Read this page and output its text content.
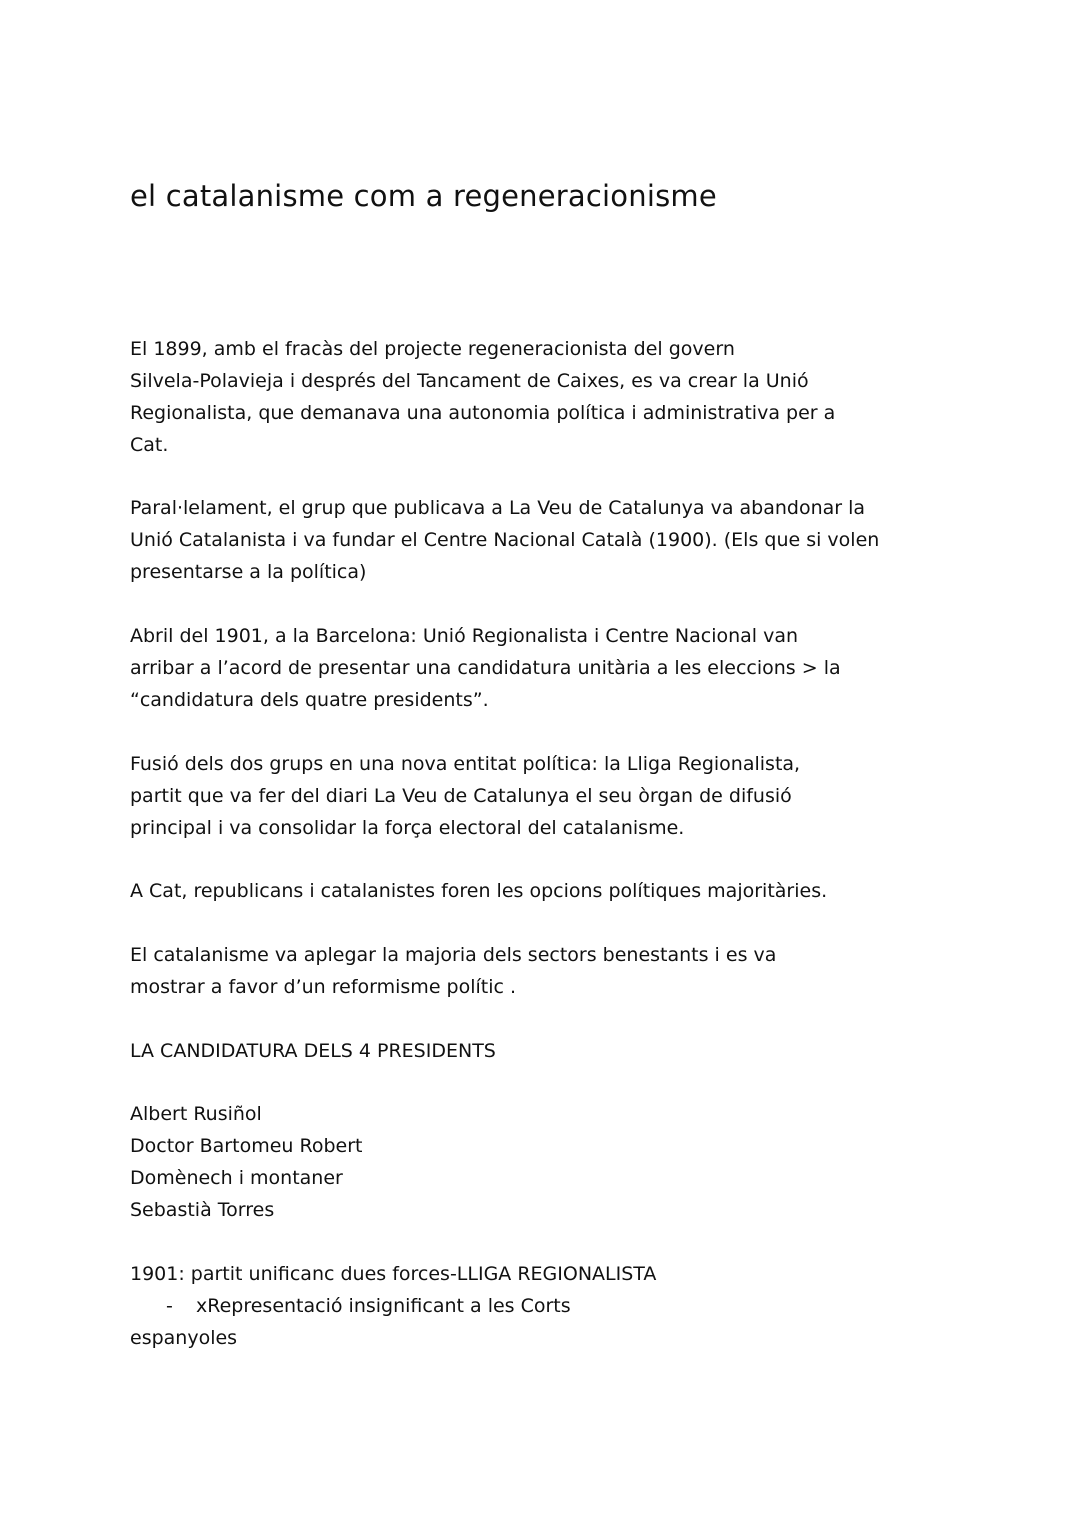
el catalanisme com a regeneracionisme

El 1899, amb el fracàs del projecte regeneracionista del govern
Silvela-Polavieja i després del Tancament de Caixes, es va crear la Unió
Regionalista, que demanava una autonomia política i administrativa per a
Cat.

Paral·lelament, el grup que publicava a La Veu de Catalunya va abandonar la
Unió Catalanista i va fundar el Centre Nacional Català (1900). (Els que si volen
presentarse a la política)

Abril del 1901, a la Barcelona: Unió Regionalista i Centre Nacional van
arribar a l’acord de presentar una candidatura unitària a les eleccions > la
“candidatura dels quatre presidents”.

Fusió dels dos grups en una nova entitat política: la Lliga Regionalista,
partit que va fer del diari La Veu de Catalunya el seu òrgan de difusió
principal i va consolidar la força electoral del catalanisme.

A Cat, republicans i catalanistes foren les opcions polítiques majoritàries.

El catalanisme va aplegar la majoria dels sectors benestants i es va
mostrar a favor d’un reformisme polític .

LA CANDIDATURA DELS 4 PRESIDENTS

Albert Rusiñol
Doctor Bartomeu Robert
Domènech i montaner
Sebastià Torres

1901: partit unificanc dues forces-LLIGA REGIONALISTA

- xRepresentació insignificant a les Corts

espanyoles
